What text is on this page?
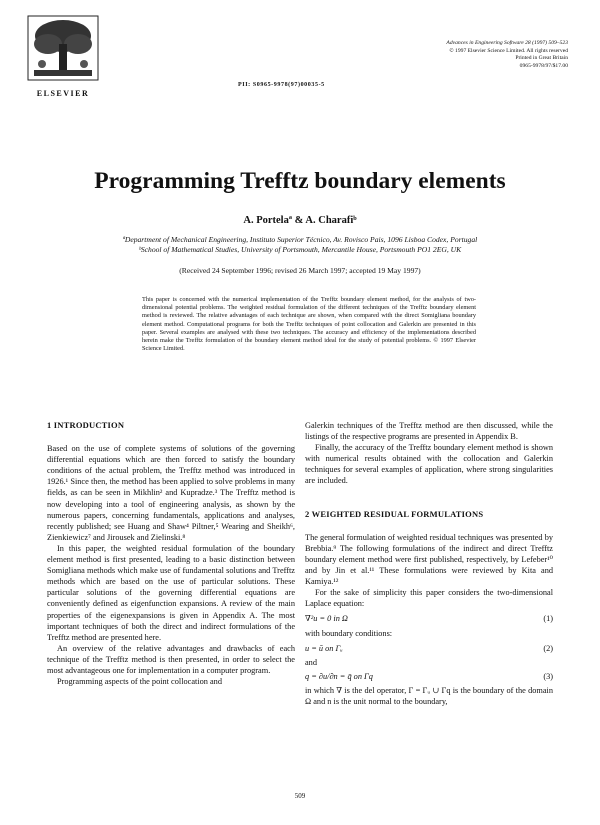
ELSEVIER
PII: S0965-9978(97)00035-5
Advances in Engineering Software 28 (1997) 509–523
© 1997 Elsevier Science Limited. All rights reserved
Printed in Great Britain
0965-9978/97/$17.00
Programming Trefftz boundary elements
A. Portelaª & A. Charafiᵇ
ªDepartment of Mechanical Engineering, Instituto Superior Técnico, Av. Rovisco Pais, 1096 Lisboa Codex, Portugal
ᵇSchool of Mathematical Studies, University of Portsmouth, Mercantile House, Portsmouth PO1 2EG, UK
(Received 24 September 1996; revised 26 March 1997; accepted 19 May 1997)
This paper is concerned with the numerical implementation of the Trefftz boundary element method, for the analysis of two-dimensional potential problems. The weighted residual formulation of the different techniques of the Trefftz boundary element method is reviewed. The relative advantages of each technique are shown, when compared with the direct Somigliana boundary element method. Computational programs for both the Trefftz techniques of point collocation and Galerkin are presented in this paper. Several examples are analysed with these two techniques. The accuracy and efficiency of the implementations described herein make the Trefftz formulation of the boundary element method ideal for the study of potential problems. © 1997 Elsevier Science Limited.
1 INTRODUCTION

Based on the use of complete systems of solutions of the governing differential equations which are then forced to satisfy the boundary conditions of the actual problem, the Trefftz method was introduced in 1926.¹ Since then, the method has been applied to solve problems in many fields, as can be seen in Mikhlin² and Kupradze.³ The Trefftz method is now developing into a tool of engineering analysis, as shown by the numerous papers, concerning fundamentals, applications and analyses, recently published; see Huang and Shaw⁴ Piltner,⁵ Wearing and Sheikh⁶, Zienkiewicz⁷ and Jirousek and Zielinski.⁸

In this paper, the weighted residual formulation of the boundary element method is first presented, leading to a basic distinction between Somigliana methods which make use of fundamental solutions and Trefftz methods which are based on the use of particular solutions. These particular solutions of the governing differential equations are conveniently defined as eigenfunction expansions. A review of the main properties of the eigenexpansions is given in Appendix A. The most important techniques of both the direct and indirect formulations of the Trefftz method are presented here.

An overview of the relative advantages and drawbacks of each technique of the Trefftz method is then presented, in order to select the most advantageous one for implementation in a computer program.

Programming aspects of the point collocation and

Galerkin techniques of the Trefftz method are then discussed, while the listings of the respective programs are presented in Appendix B.

Finally, the accuracy of the Trefftz boundary element method is shown with numerical results obtained with the collocation and Galerkin techniques for several examples of application, where strong singularities are included.

2 WEIGHTED RESIDUAL FORMULATIONS

The general formulation of weighted residual techniques was presented by Brebbia.⁹ The following formulations of the indirect and direct Trefftz boundary element method were first published, respectively, by Lefeber¹⁰ and by Jin et al.¹¹ These formulations were reviewed by Kita and Kamiya.¹²

For the sake of simplicity this paper considers the two-dimensional Laplace equation:

∇²u = 0 in Ω	(1)

with boundary conditions:

u = ū on Γᵤ	(2)

and

q = ∂u/∂n = q̄ on Γq	(3)

in which ∇ is the del operator, Γ = Γᵤ ∪ Γq is the boundary of the domain Ω and n is the unit normal to the boundary,

509
